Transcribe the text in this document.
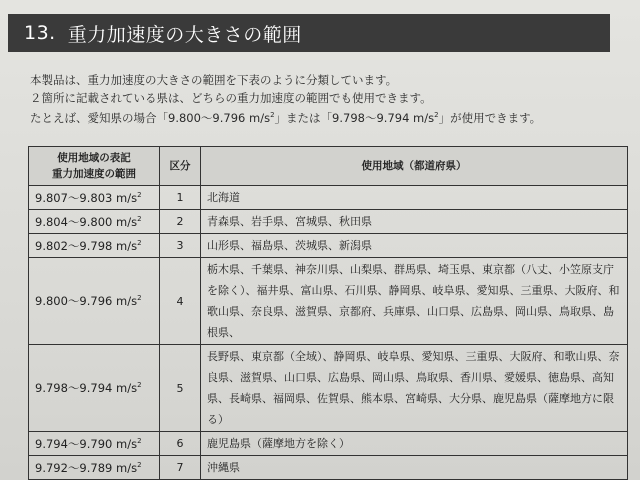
13. 重力加速度の大きさの範囲

本製品は、重力加速度の大きさの範囲を下表のように分類しています。

２箇所に記載されている県は、どちらの重力加速度の範囲でも使用できます。

たとえば、愛知県の場合「9.800～9.796 $m/s^2$」または「9.798～9.794 $m/s^2$」が使用できます。

使用地域の表記
重力加速度の範囲	区分	使用地域（都道府県）
9.807～9.803 $m/s^2$	1	北海道
9.804～9.800 $m/s^2$	2	青森県、岩手県、宮城県、秋田県
9.802～9.798 $m/s^2$	3	山形県、福島県、茨城県、新潟県
9.800～9.796 $m/s^2$	4	栃木県、千葉県、神奈川県、山梨県、群馬県、埼玉県、東京都（八丈、小笠原支庁を除く）、福井県、富山県、石川県、静岡県、岐阜県、愛知県、三重県、大阪府、和歌山県、奈良県、滋賀県、京都府、兵庫県、山口県、広島県、岡山県、鳥取県、島根県、
9.798～9.794 $m/s^2$	5	長野県、東京都（全域）、静岡県、岐阜県、愛知県、三重県、大阪府、和歌山県、奈良県、滋賀県、山口県、広島県、岡山県、鳥取県、香川県、愛媛県、徳島県、高知県、長崎県、福岡県、佐賀県、熊本県、宮崎県、大分県、鹿児島県（薩摩地方に限る）
9.794～9.790 $m/s^2$	6	鹿児島県（薩摩地方を除く）
9.792～9.789 $m/s^2$	7	沖縄県
